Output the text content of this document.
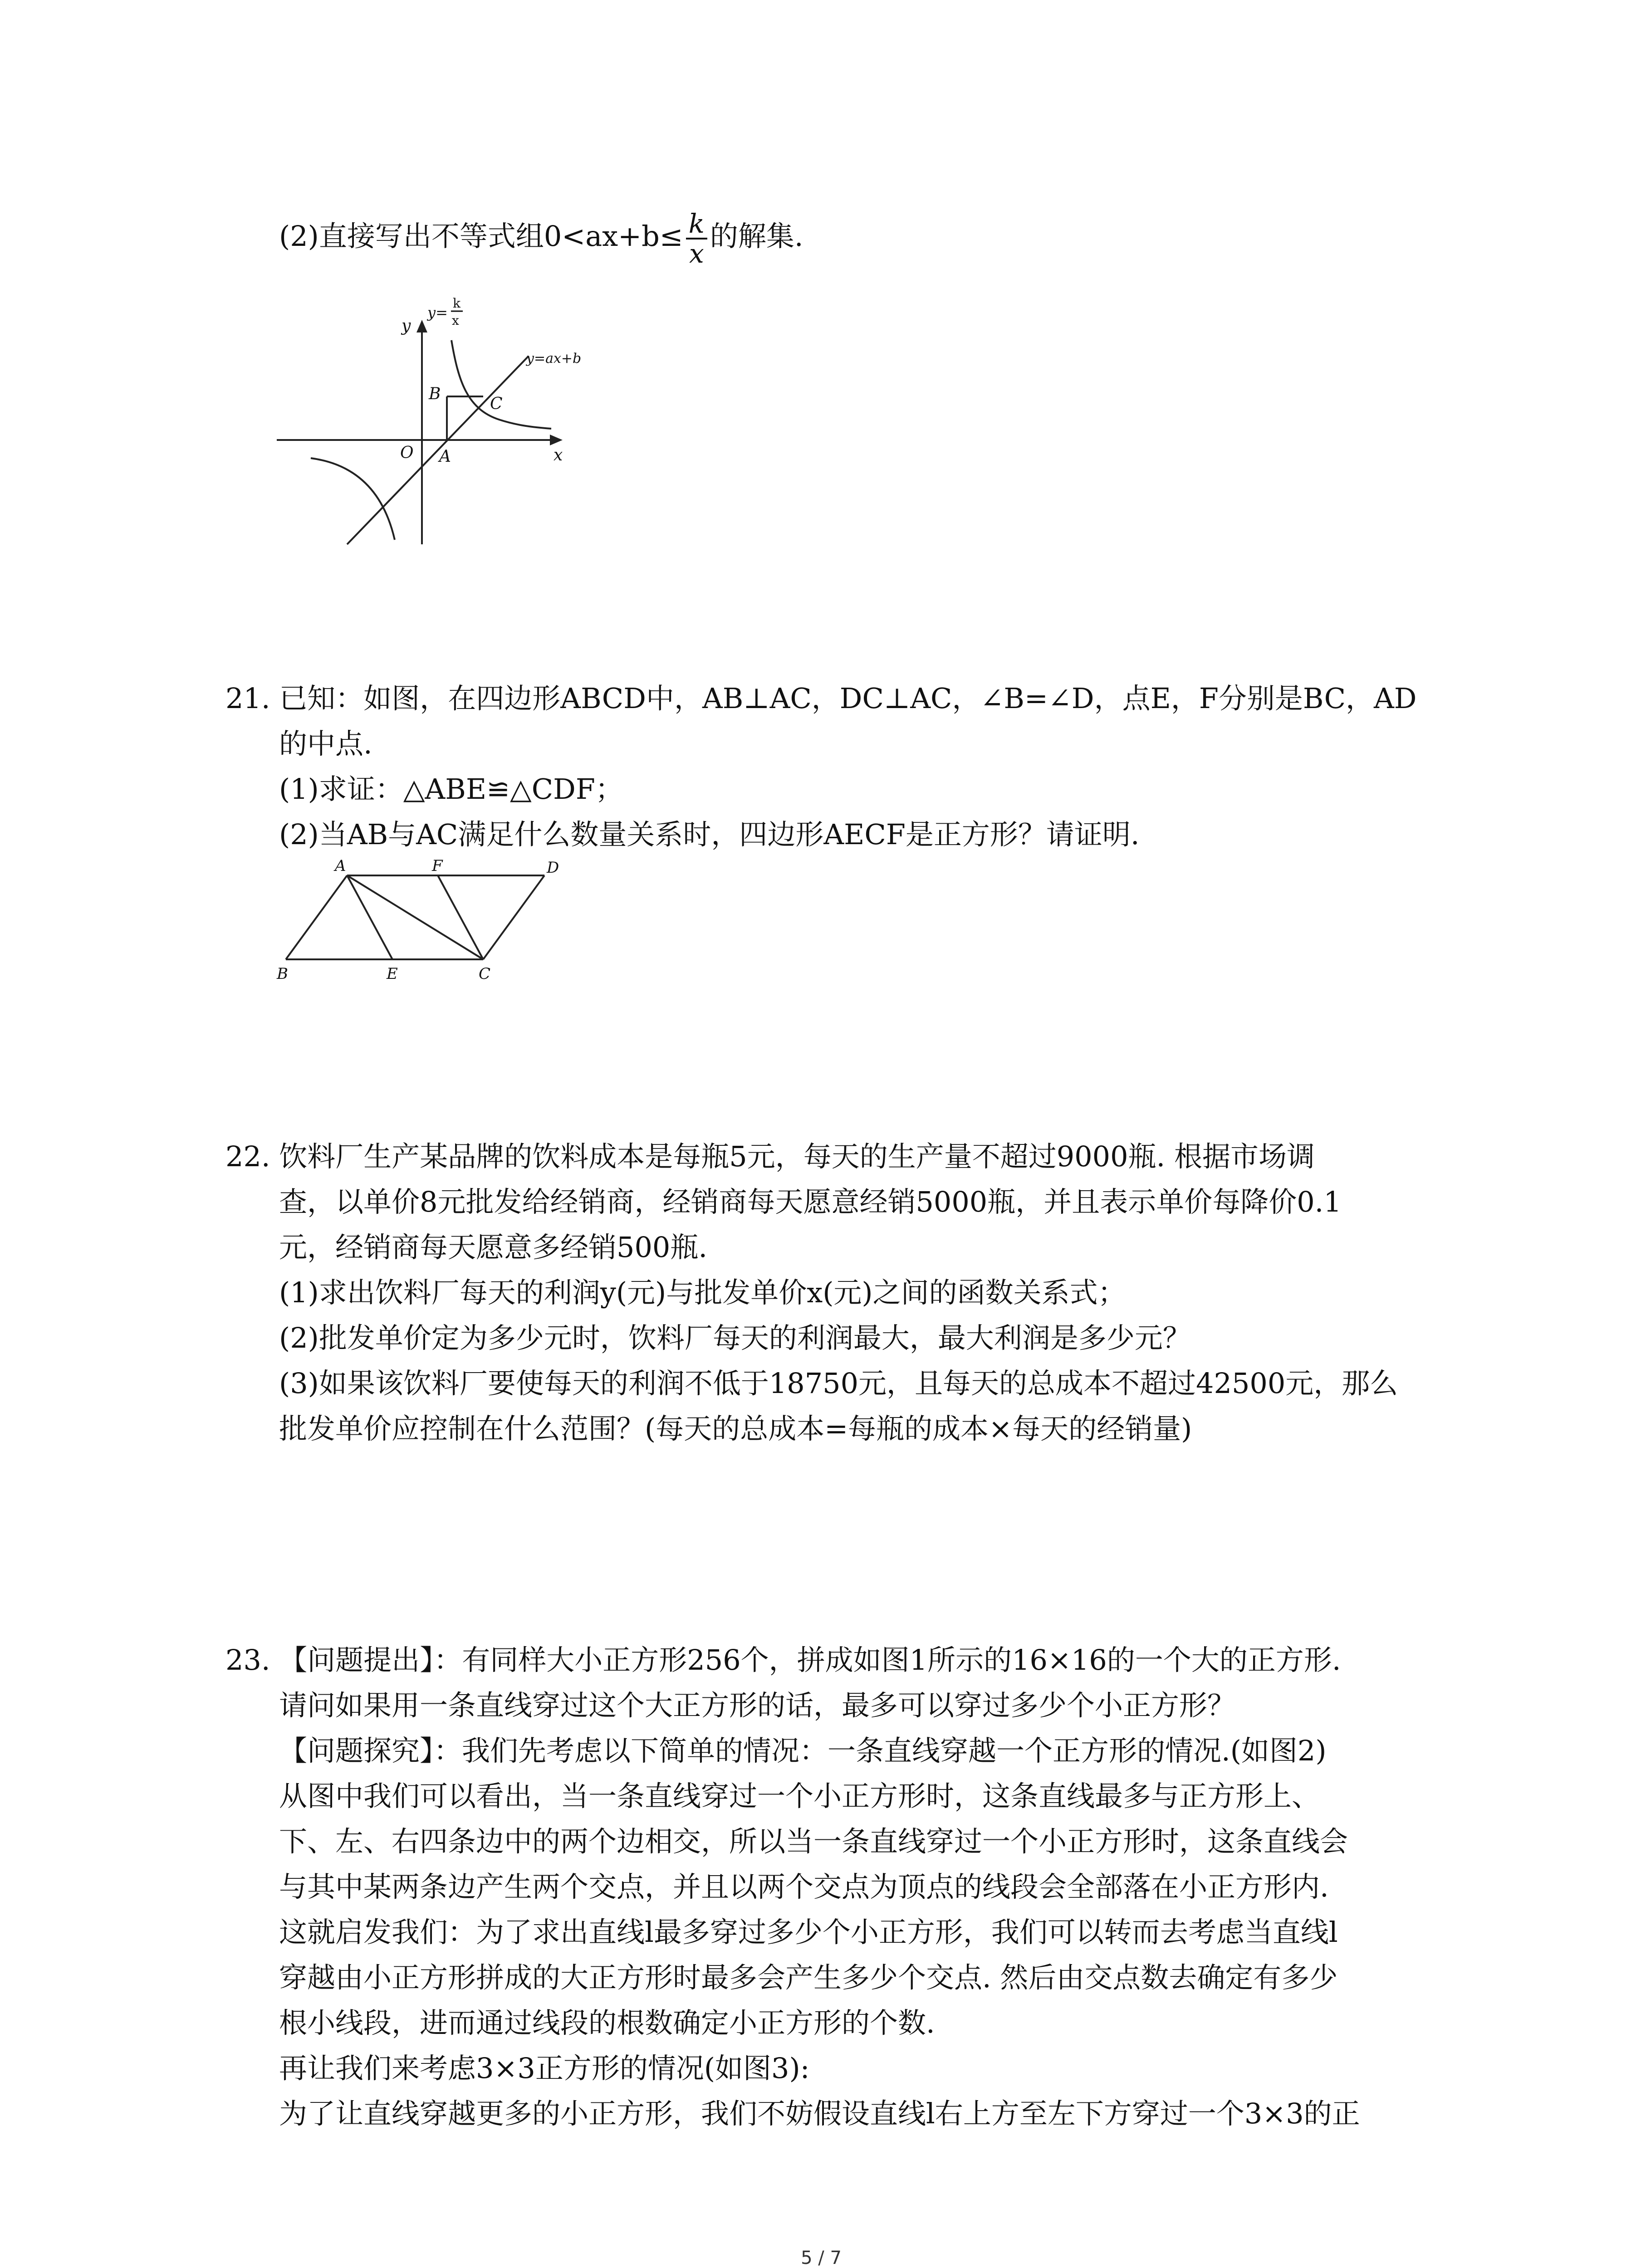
(2)直接写出不等式组$0<ax+b\le \frac{k}{x}$ 的解集.
y
x
y=
k
x
y=ax+b
B
C
O A
21. 已知：如图，在四边形ABCD中，AB⊥AC，DC⊥AC，∠B=∠D，点E，F分别是BC，AD
的中点.
(1)求证：△ABE≌△CDF；
(2)当AB与AC满足什么数量关系时，四边形AECF是正方形？请证明.
A	F	D
B	E	C
22. 饮料厂生产某品牌的饮料成本是每瓶5元，每天的生产量不超过9000瓶. 根据市场调
查，以单价8元批发给经销商，经销商每天愿意经销5000瓶，并且表示单价每降价0.1
元，经销商每天愿意多经销500瓶.
(1)求出饮料厂每天的利润y(元)与批发单价x(元)之间的函数关系式；
(2)批发单价定为多少元时，饮料厂每天的利润最大，最大利润是多少元？
(3)如果该饮料厂要使每天的利润不低于18750元，且每天的总成本不超过42500元，那么
批发单价应控制在什么范围？(每天的总成本=每瓶的成本×每天的经销量)
23. 【问题提出】：有同样大小正方形256个，拼成如图1所示的16×16的一个大的正方形.
请问如果用一条直线穿过这个大正方形的话，最多可以穿过多少个小正方形？
【问题探究】：我们先考虑以下简单的情况：一条直线穿越一个正方形的情况.(如图2)
从图中我们可以看出，当一条直线穿过一个小正方形时，这条直线最多与正方形上、
下、左、右四条边中的两个边相交，所以当一条直线穿过一个小正方形时，这条直线会
与其中某两条边产生两个交点，并且以两个交点为顶点的线段会全部落在小正方形内.
这就启发我们：为了求出直线l最多穿过多少个小正方形，我们可以转而去考虑当直线l
穿越由小正方形拼成的大正方形时最多会产生多少个交点. 然后由交点数去确定有多少
根小线段，进而通过线段的根数确定小正方形的个数.
再让我们来考虑3×3正方形的情况(如图3):
为了让直线穿越更多的小正方形，我们不妨假设直线l右上方至左下方穿过一个3×3的正
5 / 7
